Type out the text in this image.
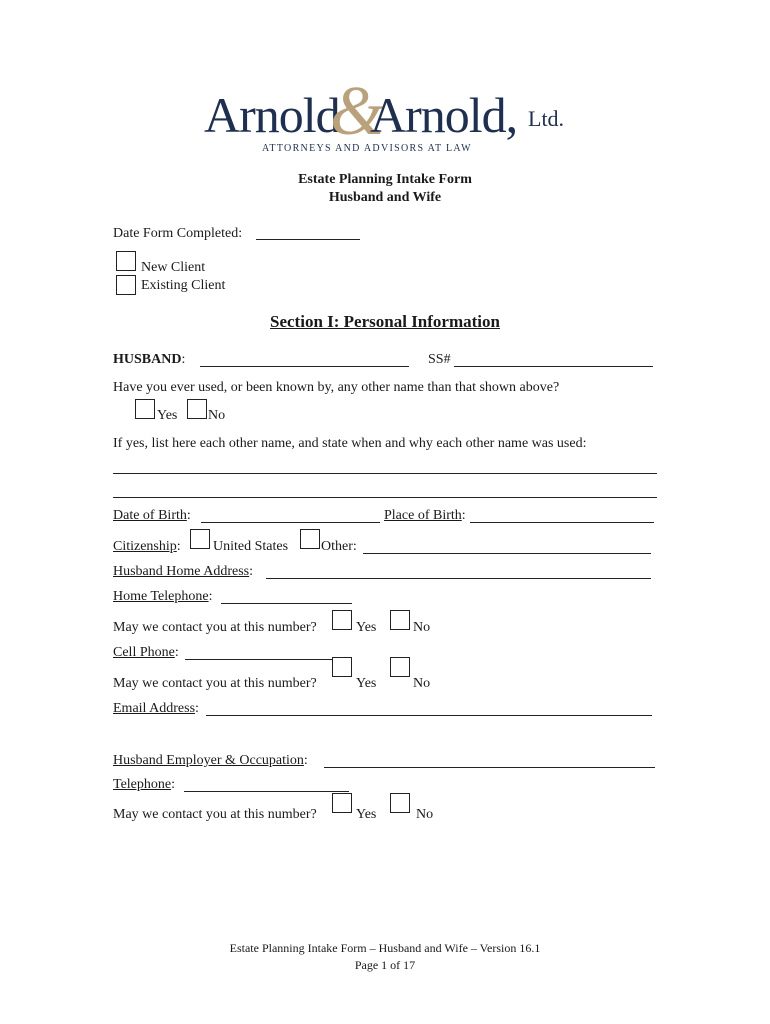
Arnold
&
Arnold, Ltd.
ATTORNEYS AND ADVISORS AT LAW
Estate Planning Intake Form
Husband and Wife
Date Form Completed:
New Client
Existing Client
Section I: Personal Information
HUSBAND:	SS#
Have you ever used, or been known by, any other name than that shown above?
Yes No
If yes, list here each other name, and state when and why each other name was used:
Date of Birth:	Place of Birth:
Citizenship: United States Other:
Husband Home Address:
Home Telephone:
May we contact you at this number?	Yes	No
Cell Phone:
May we contact you at this number?	Yes	No
Email Address:
Husband Employer & Occupation:
Telephone:
May we contact you at this number?	Yes	No
Estate Planning Intake Form – Husband and Wife – Version 16.1
Page 1 of 17
